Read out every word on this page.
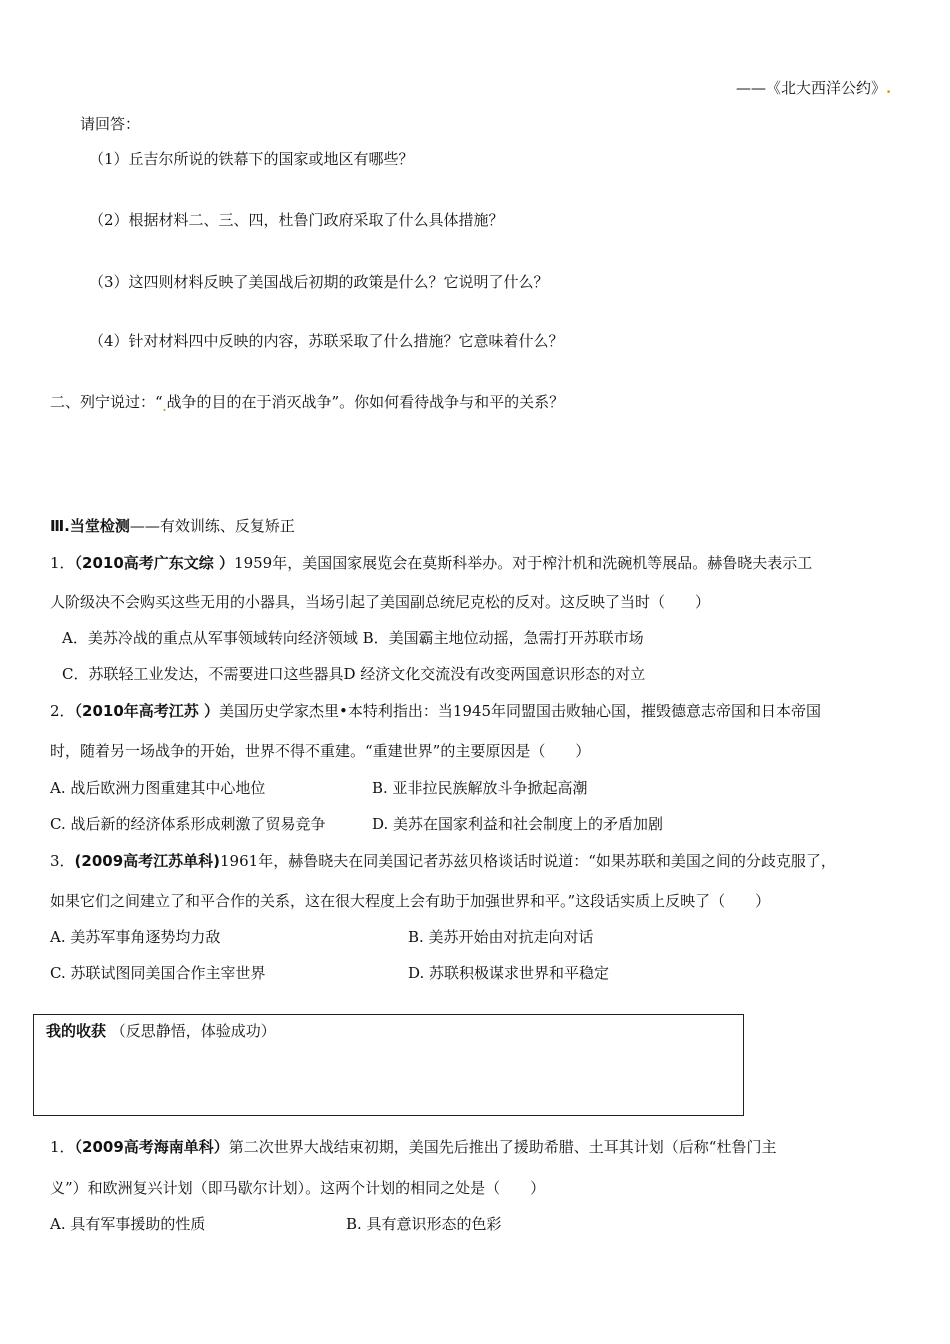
——《北大西洋公约》.
请回答：
（1）丘吉尔所说的铁幕下的国家或地区有哪些？
（2）根据材料二、三、四，杜鲁门政府采取了什么具体措施？
（3）这四则材料反映了美国战后初期的政策是什么？它说明了什么？
（4）针对材料四中反映的内容，苏联采取了什么措施？它意味着什么？
二、列宁说过：“$_.$战争的目的在于消灭战争”。你如何看待战争与和平的关系？
Ⅲ.当堂检测——有效训练、反复矫正
1．（2010高考广东文综 ）1959年，美国国家展览会在莫斯科举办。对于榨汁机和洗碗机等展品。赫鲁晓夫表示工
人阶级决不会购买这些无用的小器具，当场引起了美国副总统尼克松的反对。这反映了当时（　　）
A．美苏冷战的重点从军事领域转向经济领域 B．美国霸主地位动摇，急需打开苏联市场
C．苏联轻工业发达，不需要进口这些器具D 经济文化交流没有改变两国意识形态的对立
2．（2010年高考江苏 ）美国历史学家杰里•本特利指出：当1945年同盟国击败轴心国，摧毁德意志帝国和日本帝国
时，随着另一场战争的开始，世界不得不重建。“重建世界”的主要原因是（　　）
A. 战后欧洲力图重建其中心地位	B. 亚非拉民族解放斗争掀起高潮
C. 战后新的经济体系形成刺激了贸易竞争	D. 美苏在国家利益和社会制度上的矛盾加剧
3．(2009高考江苏单科)1961年，赫鲁晓夫在同美国记者苏兹贝格谈话时说道：“如果苏联和美国之间的分歧克服了，
如果它们之间建立了和平合作的关系，这在很大程度上会有助于加强世界和平。”这段话实质上反映了（　　）
A. 美苏军事角逐势均力敌	B. 美苏开始由对抗走向对话
C. 苏联试图同美国合作主宰世界	D. 苏联积极谋求世界和平稳定
我的收获 （反思静悟，体验成功）
1．（2009高考海南单科）第二次世界大战结束初期，美国先后推出了援助希腊、土耳其计划（后称“杜鲁门主
义”）和欧洲复兴计划（即马歇尔计划）。这两个计划的相同之处是（　　）
A. 具有军事援助的性质	B. 具有意识形态的色彩
